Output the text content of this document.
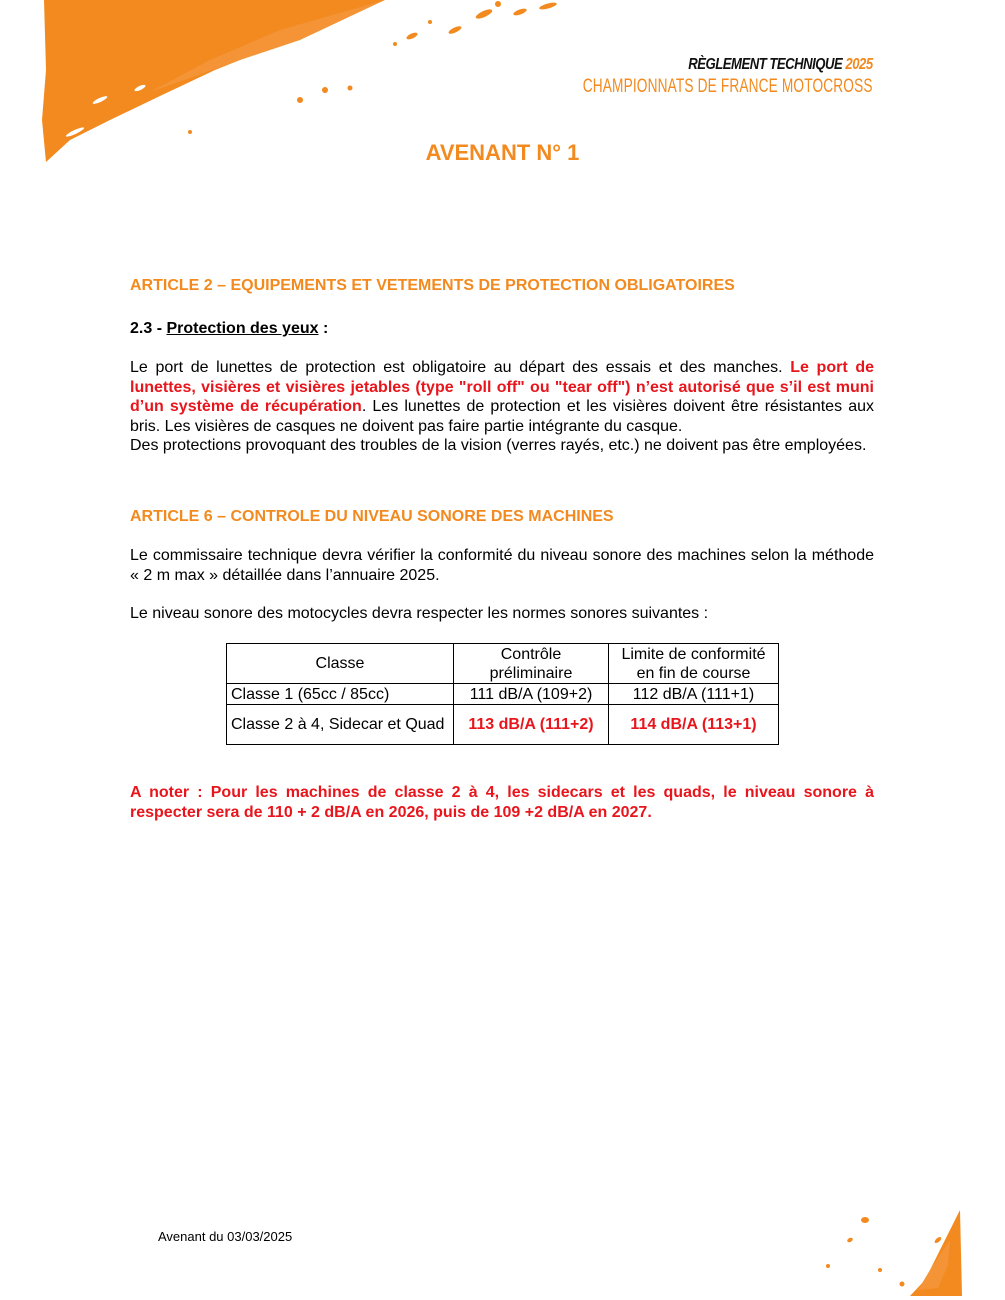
RÈGLEMENT TECHNIQUE 2025
CHAMPIONNATS DE FRANCE MOTOCROSS
AVENANT N° 1
ARTICLE 2 – EQUIPEMENTS ET VETEMENTS DE PROTECTION OBLIGATOIRES
2.3 - Protection des yeux :

Le port de lunettes de protection est obligatoire au départ des essais et des manches. Le port de lunettes, visières et visières jetables (type "roll off" ou "tear off") n’est autorisé que s’il est muni d’un système de récupération. Les lunettes de protection et les visières doivent être résistantes aux bris. Les visières de casques ne doivent pas faire partie intégrante du casque.

Des protections provoquant des troubles de la vision (verres rayés, etc.) ne doivent pas être employées.

ARTICLE 6 – CONTROLE DU NIVEAU SONORE DES MACHINES

Le commissaire technique devra vérifier la conformité du niveau sonore des machines selon la méthode « 2 m max » détaillée dans l’annuaire 2025.

Le niveau sonore des motocycles devra respecter les normes sonores suivantes :

Classe	Contrôle préliminaire	Limite de conformité en fin de course
Classe 1 (65cc / 85cc)	111 dB/A (109+2)	112 dB/A (111+1)
Classe 2 à 4, Sidecar et Quad	113 dB/A (111+2)	114 dB/A (113+1)

A noter : Pour les machines de classe 2 à 4, les sidecars et les quads, le niveau sonore à respecter sera de 110 + 2 dB/A en 2026, puis de 109 +2 dB/A en 2027.

Avenant du 03/03/2025
